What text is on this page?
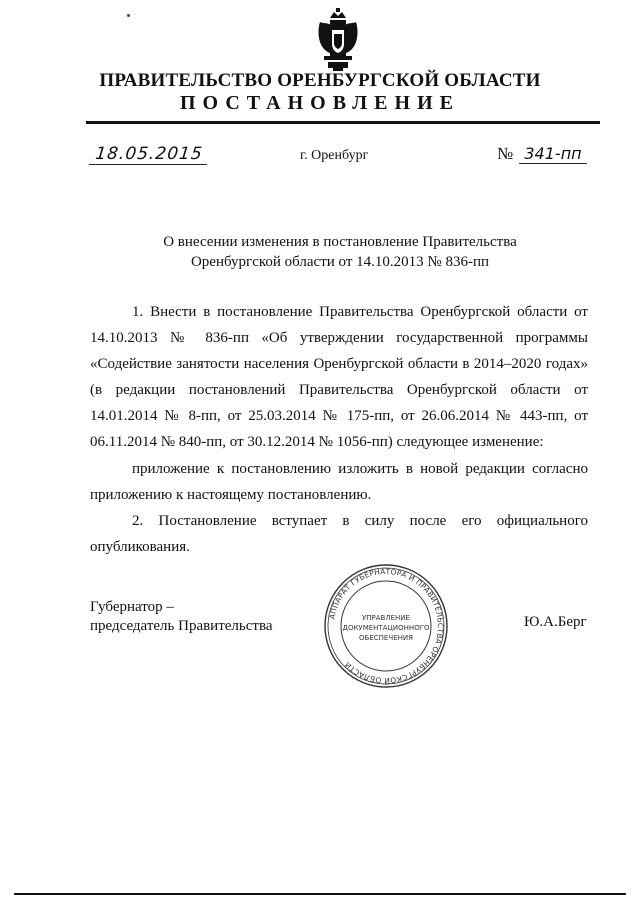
ПРАВИТЕЛЬСТВО ОРЕНБУРГСКОЙ ОБЛАСТИ
ПОСТАНОВЛЕНИЕ
18.05.2015	г. Оренбург	№ 341-пп
О внесении изменения в постановление Правительства
Оренбургской области от 14.10.2013 № 836-пп
1. Внести в постановление Правительства Оренбургской области от
14.10.2013 № 836-пп «Об утверждении государственной программы
«Содействие занятости населения Оренбургской области в 2014–2020 годах»
(в редакции постановлений Правительства Оренбургской области от
14.01.2014 № 8-пп, от 25.03.2014 № 175-пп, от 26.06.2014 № 443-пп, от
06.11.2014 № 840-пп, от 30.12.2014 № 1056-пп) следующее изменение:
приложение к постановлению изложить в новой редакции согласно
приложению к настоящему постановлению.
2. Постановление вступает в силу после его официального
опубликования.
Губернатор –
председатель Правительства	Ю.А.Берг
АППАРАТ ГУБЕРНАТОРА И ПРАВИТЕЛЬСТВА ОРЕНБУРГСКОЙ ОБЛАСТИ
УПРАВЛЕНИЕ
ДОКУМЕНТАЦИОННОГО
ОБЕСПЕЧЕНИЯ
